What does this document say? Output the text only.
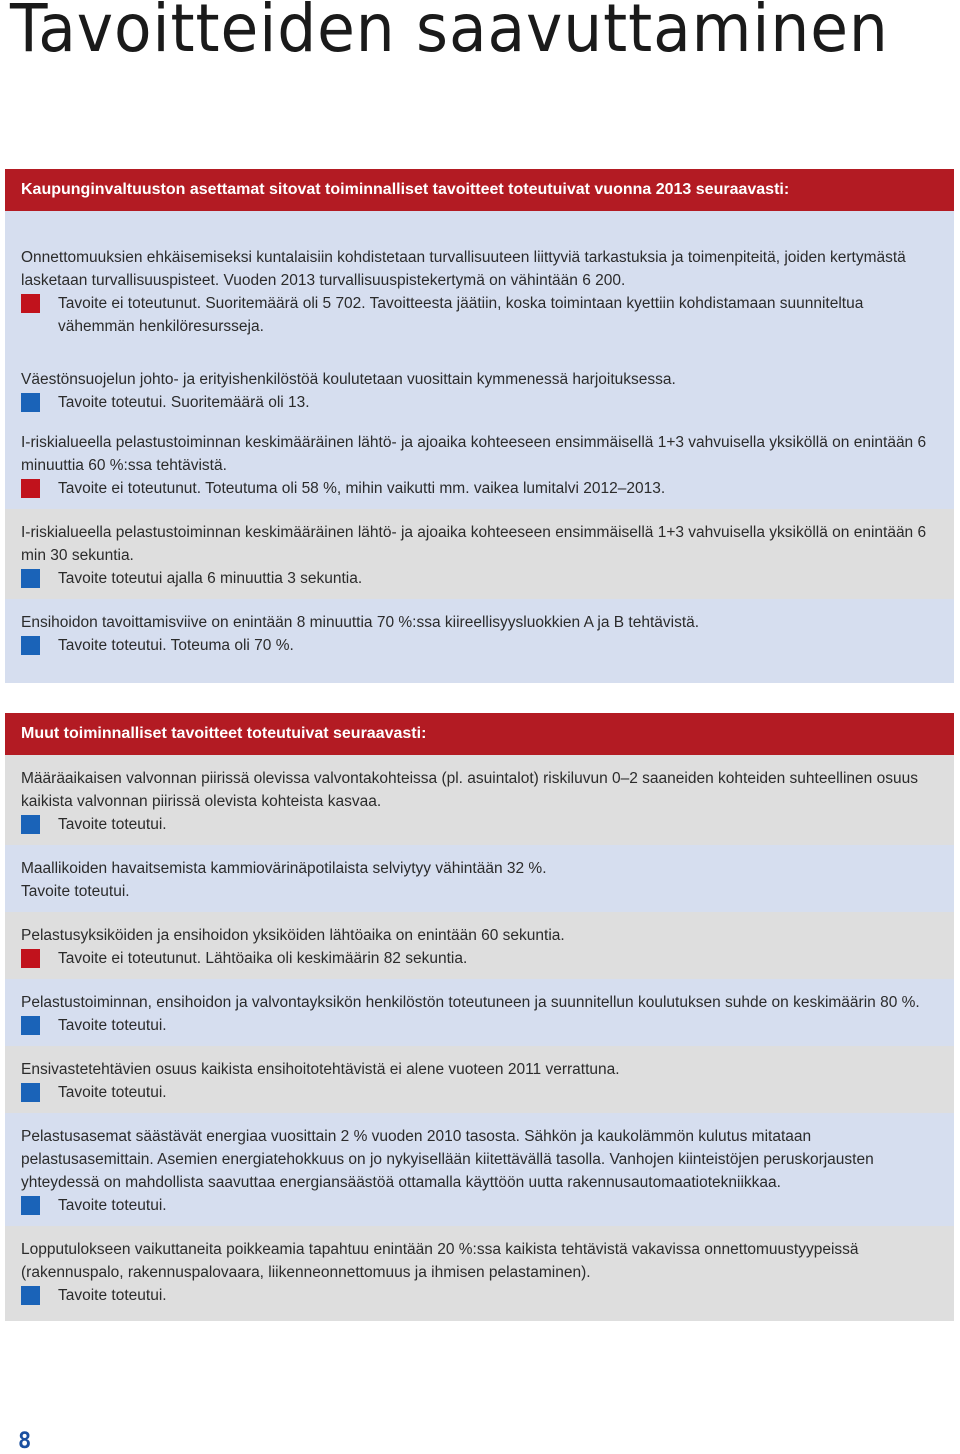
Tavoitteiden saavuttaminen
Kaupunginvaltuuston asettamat sitovat toiminnalliset tavoitteet toteutuivat vuonna 2013 seuraavasti:
Onnettomuuksien ehkäisemiseksi kuntalaisiin kohdistetaan turvallisuuteen liittyviä tarkastuksia ja toimenpiteitä, joiden kertymästä lasketaan turvallisuuspisteet. Vuoden 2013 turvallisuuspistekertymä on vähintään 6 200.
Tavoite ei toteutunut. Suoritemäärä oli 5 702. Tavoitteesta jäätiin, koska toimintaan kyettiin kohdistamaan suunniteltua vähemmän henkilöresursseja.
Väestönsuojelun johto- ja erityishenkilöstöä koulutetaan vuosittain kymmenessä harjoituksessa.
Tavoite toteutui. Suoritemäärä oli 13.
I-riskialueella pelastustoiminnan keskimääräinen lähtö- ja ajoaika kohteeseen ensimmäisellä 1+3 vahvuisella yksiköllä on enintään 6 minuuttia 60 %:ssa tehtävistä.
Tavoite ei toteutunut. Toteutuma oli 58 %, mihin vaikutti mm. vaikea lumitalvi 2012–2013.
I-riskialueella pelastustoiminnan keskimääräinen lähtö- ja ajoaika kohteeseen ensimmäisellä 1+3 vahvuisella yksiköllä on enintään 6 min 30 sekuntia.
Tavoite toteutui ajalla 6 minuuttia 3 sekuntia.
Ensihoidon tavoittamisviive on enintään 8 minuuttia 70 %:ssa kiireellisyysluokkien A ja B tehtävistä.
Tavoite toteutui. Toteuma oli 70 %.
Muut toiminnalliset tavoitteet toteutuivat seuraavasti:
Määräaikaisen valvonnan piirissä olevissa valvontakohteissa (pl. asuintalot) riskiluvun 0–2 saaneiden kohteiden suhteellinen osuus kaikista valvonnan piirissä olevista kohteista kasvaa.
Tavoite toteutui.
Maallikoiden havaitsemista kammiovärinäpotilaista selviytyy vähintään 32 %.
Tavoite toteutui.
Pelastusyksiköiden ja ensihoidon yksiköiden lähtöaika on enintään 60 sekuntia.
Tavoite ei toteutunut. Lähtöaika oli keskimäärin 82 sekuntia.
Pelastustoiminnan, ensihoidon ja valvontayksikön henkilöstön toteutuneen ja suunnitellun koulutuksen suhde on keskimäärin 80 %.
Tavoite toteutui.
Ensivastetehtävien osuus kaikista ensihoitotehtävistä ei alene vuoteen 2011 verrattuna.
Tavoite toteutui.
Pelastusasemat säästävät energiaa vuosittain 2 % vuoden 2010 tasosta. Sähkön ja kaukolämmön kulutus mitataan pelastusasemittain. Asemien energiatehokkuus on jo nykyisellään kiitettävällä tasolla. Vanhojen kiinteistöjen peruskorjausten yhteydessä on mahdollista saavuttaa energiansäästöä ottamalla käyttöön uutta rakennusautomaatiotekniikkaa.
Tavoite toteutui.
Lopputulokseen vaikuttaneita poikkeamia tapahtuu enintään 20 %:ssa kaikista tehtävistä vakavissa onnettomuustyypeissä (rakennuspalo, rakennuspalovaara, liikenneonnettomuus ja ihmisen pelastaminen).
Tavoite toteutui.
8
